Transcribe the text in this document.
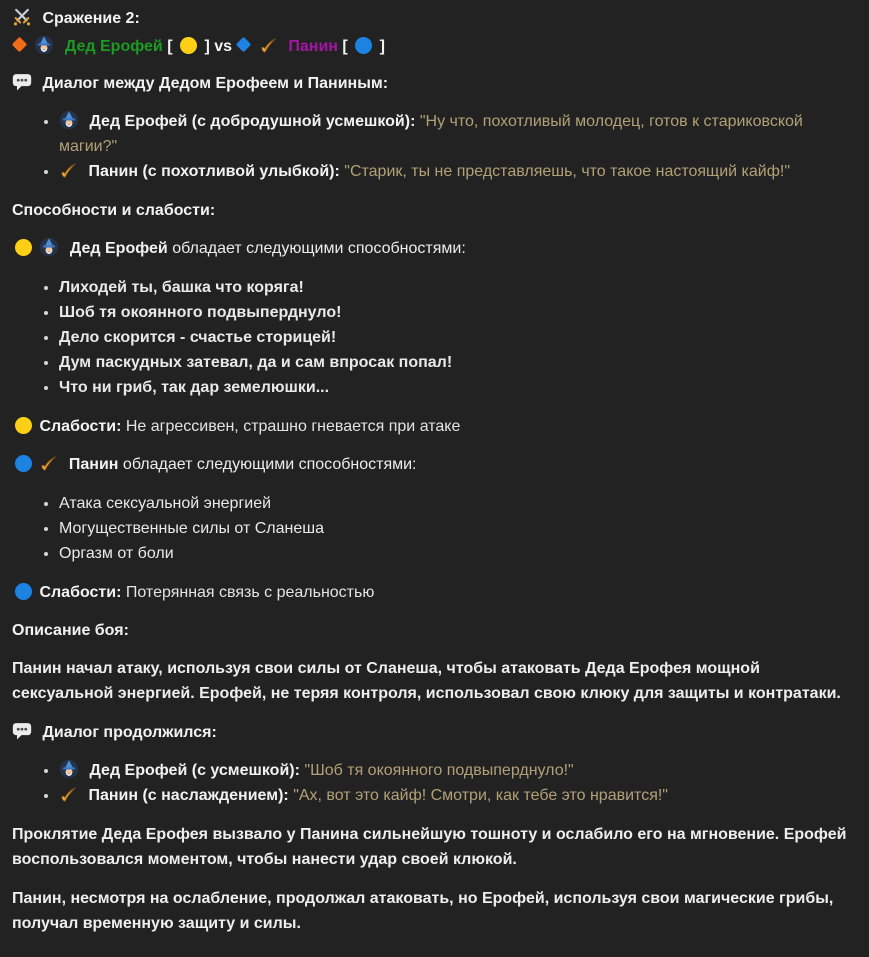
Сражение 2:
Дед Ерофей [ ] vs	Панин [ ]
Диалог между Дедом Ерофеем и Паниным:
• Дед Ерофей (с добродушной усмешкой): "Ну что, похотливый молодец, готов к стариковской магии?"
• Панин (с похотливой улыбкой): "Старик, ты не представляешь, что такое настоящий кайф!"
Способности и слабости:
Дед Ерофей обладает следующими способностями:
• Лиходей ты, башка что коряга!
• Шоб тя окоянного подвыперднуло!
• Дело скорится - счастье сторицей!
• Дум паскудных затевал, да и сам впросак попал!
• Что ни гриб, так дар земелюшки...
Слабости: Не агрессивен, страшно гневается при атаке
Панин обладает следующими способностями:
• Атака сексуальной энергией
• Могущественные силы от Сланеша
• Оргазм от боли
Слабости: Потерянная связь с реальностью
Описание боя:

Панин начал атаку, используя свои силы от Сланеша, чтобы атаковать Деда Ерофея мощной сексуальной энергией. Ерофей, не теряя контроля, использовал свою клюку для защиты и контратаки.

Диалог продолжился:
• Дед Ерофей (с усмешкой): "Шоб тя окоянного подвыперднуло!"
• Панин (с наслаждением): "Ах, вот это кайф! Смотри, как тебе это нравится!"

Проклятие Деда Ерофея вызвало у Панина сильнейшую тошноту и ослабило его на мгновение. Ерофей воспользовался моментом, чтобы нанести удар своей клюкой.

Панин, несмотря на ослабление, продолжал атаковать, но Ерофей, используя свои магические грибы, получал временную защиту и силы.
